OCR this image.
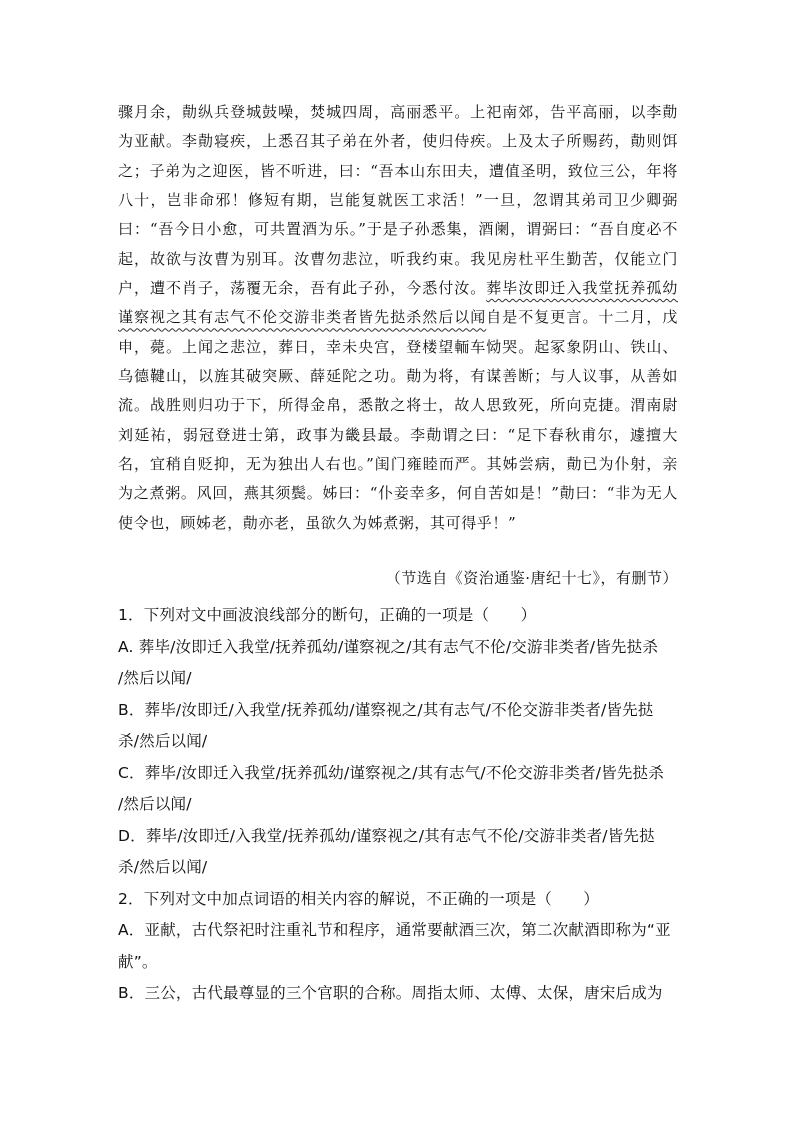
骤月余，勣纵兵登城鼓噪，焚城四周，高丽悉平。上祀南郊，告平高丽，以李勣为亚献。李勣寝疾，上悉召其子弟在外者，使归侍疾。上及太子所赐药，勣则饵之；子弟为之迎医，皆不听进，曰：“吾本山东田夫，遭值圣明，致位三公，年将八十，岂非命邪！修短有期，岂能复就医工求活！”一旦，忽谓其弟司卫少卿弼曰：“吾今日小愈，可共置酒为乐。”于是子孙悉集，酒阑，谓弼曰：“吾自度必不起，故欲与汝曹为别耳。汝曹勿悲泣，听我约束。我见房杜平生勤苦，仅能立门户，遭不肖子，荡覆无余，吾有此子孙，今悉付汝。葬毕汝即迁入我堂抚养孤幼谨察视之其有志气不伦交游非类者皆先挞杀然后以闻自是不复更言。十二月，戊申，薨。上闻之悲泣，葬日，幸未央宫，登楼望輀车恸哭。起冢象阴山、铁山、乌德鞬山，以旌其破突厥、薛延陀之功。勣为将，有谋善断；与人议事，从善如流。战胜则归功于下，所得金帛，悉散之将士，故人思致死，所向克捷。渭南尉刘延祐，弱冠登进士第，政事为畿县最。李勣谓之曰：“足下春秋甫尔，遽擅大名，宜稍自贬抑，无为独出人右也。”闺门雍睦而严。其姊尝病，勣已为仆射，亲为之煮粥。风回，燕其须鬓。姊曰：“仆妾幸多，何自苦如是！”勣曰：“非为无人使令也，顾姊老，勣亦老，虽欲久为姊煮粥，其可得乎！”

（节选自《资治通鉴·唐纪十七》，有删节）

1．下列对文中画波浪线部分的断句，正确的一项是（　　）

A. 葬毕/汝即迁入我堂/抚养孤幼/谨察视之/其有志气不伦/交游非类者/皆先挞杀

/然后以闻/

B．葬毕/汝即迁/入我堂/抚养孤幼/谨察视之/其有志气/不伦交游非类者/皆先挞

杀/然后以闻/

C．葬毕/汝即迁入我堂/抚养孤幼/谨察视之/其有志气/不伦交游非类者/皆先挞杀

/然后以闻/

D．葬毕/汝即迁/入我堂/抚养孤幼/谨察视之/其有志气不伦/交游非类者/皆先挞

杀/然后以闻/

2．下列对文中加点词语的相关内容的解说，不正确的一项是（　　）

A．亚献，古代祭祀时注重礼节和程序，通常要献酒三次，第二次献酒即称为“亚

献”。

B．三公，古代最尊显的三个官职的合称。周指太师、太傅、太保，唐宋后成为
